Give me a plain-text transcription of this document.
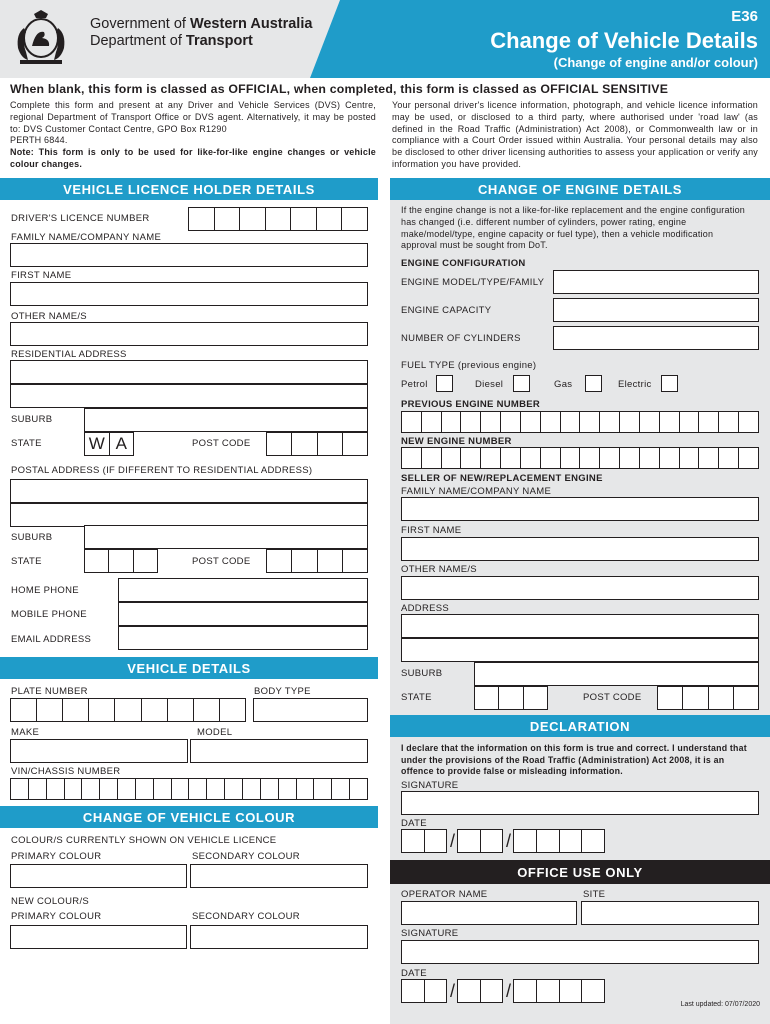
Government of Western Australia
Department of Transport
E36
Change of Vehicle Details
(Change of engine and/or colour)
When blank, this form is classed as OFFICIAL, when completed, this form is classed as OFFICIAL SENSITIVE
Complete this form and present at any Driver and Vehicle Services (DVS) Centre, regional Department of Transport Office or DVS agent. Alternatively, it may be posted to: DVS Customer Contact Centre, GPO Box R1290
PERTH 6844.
Note: This form is only to be used for like-for-like engine changes or vehicle colour changes.
Your personal driver's licence information, photograph, and vehicle licence information may be used, or disclosed to a third party, where authorised under 'road law' (as defined in the Road Traffic (Administration) Act 2008), or Commonwealth law or in compliance with a Court Order issued within Australia. Your personal details may also be disclosed to other driver licensing authorities to assess your application or verify any information you have provided.
VEHICLE LICENCE HOLDER DETAILS
DRIVER'S LICENCE NUMBER
FAMILY NAME/COMPANY NAME
FIRST NAME
OTHER NAME/S
RESIDENTIAL ADDRESS
SUBURB
STATE	W A	POST CODE
POSTAL ADDRESS (IF DIFFERENT TO RESIDENTIAL ADDRESS)
SUBURB
STATE	POST CODE
HOME PHONE
MOBILE PHONE
EMAIL ADDRESS
VEHICLE DETAILS
PLATE NUMBER	BODY TYPE
MAKE	MODEL
VIN/CHASSIS NUMBER
CHANGE OF VEHICLE COLOUR
COLOUR/S CURRENTLY SHOWN ON VEHICLE LICENCE
PRIMARY COLOUR	SECONDARY COLOUR
NEW COLOUR/S
PRIMARY COLOUR	SECONDARY COLOUR
CHANGE OF ENGINE DETAILS
If the engine change is not a like-for-like replacement and the engine configuration has changed (i.e. different number of cylinders, power rating, engine make/model/type, engine capacity or fuel type), then a vehicle modification approval must be sought from DoT.
ENGINE CONFIGURATION
ENGINE MODEL/TYPE/FAMILY
ENGINE CAPACITY
NUMBER OF CYLINDERS
FUEL TYPE (previous engine)
Petrol	Diesel	Gas	Electric
PREVIOUS ENGINE NUMBER
NEW ENGINE NUMBER
SELLER OF NEW/REPLACEMENT ENGINE
FAMILY NAME/COMPANY NAME
FIRST NAME
OTHER NAME/S
ADDRESS
SUBURB
STATE	POST CODE
DECLARATION
I declare that the information on this form is true and correct. I understand that under the provisions of the Road Traffic (Administration) Act 2008, it is an offence to provide false or misleading information.
SIGNATURE
DATE
/	/
OFFICE USE ONLY
OPERATOR NAME	SITE
SIGNATURE
DATE
/	/
Last updated: 07/07/2020
